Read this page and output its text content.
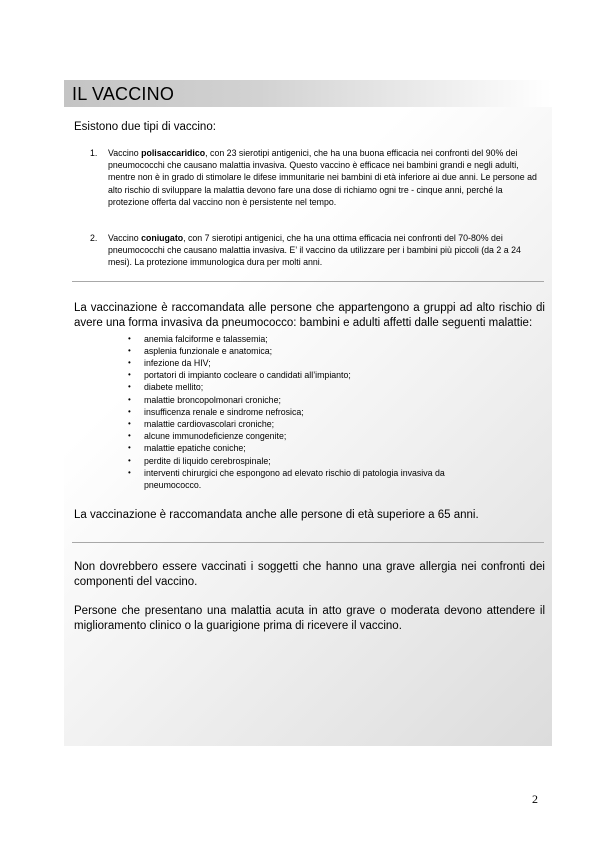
IL VACCINO

Esistono due tipi di vaccino:

1. Vaccino polisaccaridico, con 23 sierotipi antigenici, che ha una buona efficacia nei confronti del 90% dei pneumococchi che causano malattia invasiva. Questo vaccino è efficace nei bambini grandi e negli adulti, mentre non è in grado di stimolare le difese immunitarie nei bambini di età inferiore ai due anni. Le persone ad alto rischio di sviluppare la malattia devono fare una dose di richiamo ogni tre - cinque anni, perché la protezione offerta dal vaccino non è persistente nel tempo.
2. Vaccino coniugato, con 7 sierotipi antigenici, che ha una ottima efficacia nei confronti del 70-80% dei pneumococchi che causano malattia invasiva. E’ il vaccino da utilizzare per i bambini più piccoli (da 2 a 24 mesi). La protezione immunologica dura per molti anni.

La vaccinazione è raccomandata alle persone che appartengono a gruppi ad alto rischio di avere una forma invasiva da pneumococco: bambini e adulti affetti dalle seguenti malattie:

• anemia falciforme e talassemia;
• asplenia funzionale e anatomica;
• infezione da HIV;
• portatori di impianto cocleare o candidati all’impianto;
• diabete mellito;
• malattie broncopolmonari croniche;
• insufficenza renale e sindrome nefrosica;
• malattie cardiovascolari croniche;
• alcune immunodeficienze congenite;
• malattie epatiche coniche;
• perdite di liquido cerebrospinale;
• interventi chirurgici che espongono ad elevato rischio di patologia invasiva da pneumococco.

La vaccinazione è raccomandata anche alle persone di età superiore a 65 anni.

Non dovrebbero essere vaccinati i soggetti che hanno una grave allergia nei confronti dei componenti del vaccino.

Persone che presentano una malattia acuta in atto grave o moderata devono attendere il miglioramento clinico o la guarigione prima di ricevere il vaccino.

2
